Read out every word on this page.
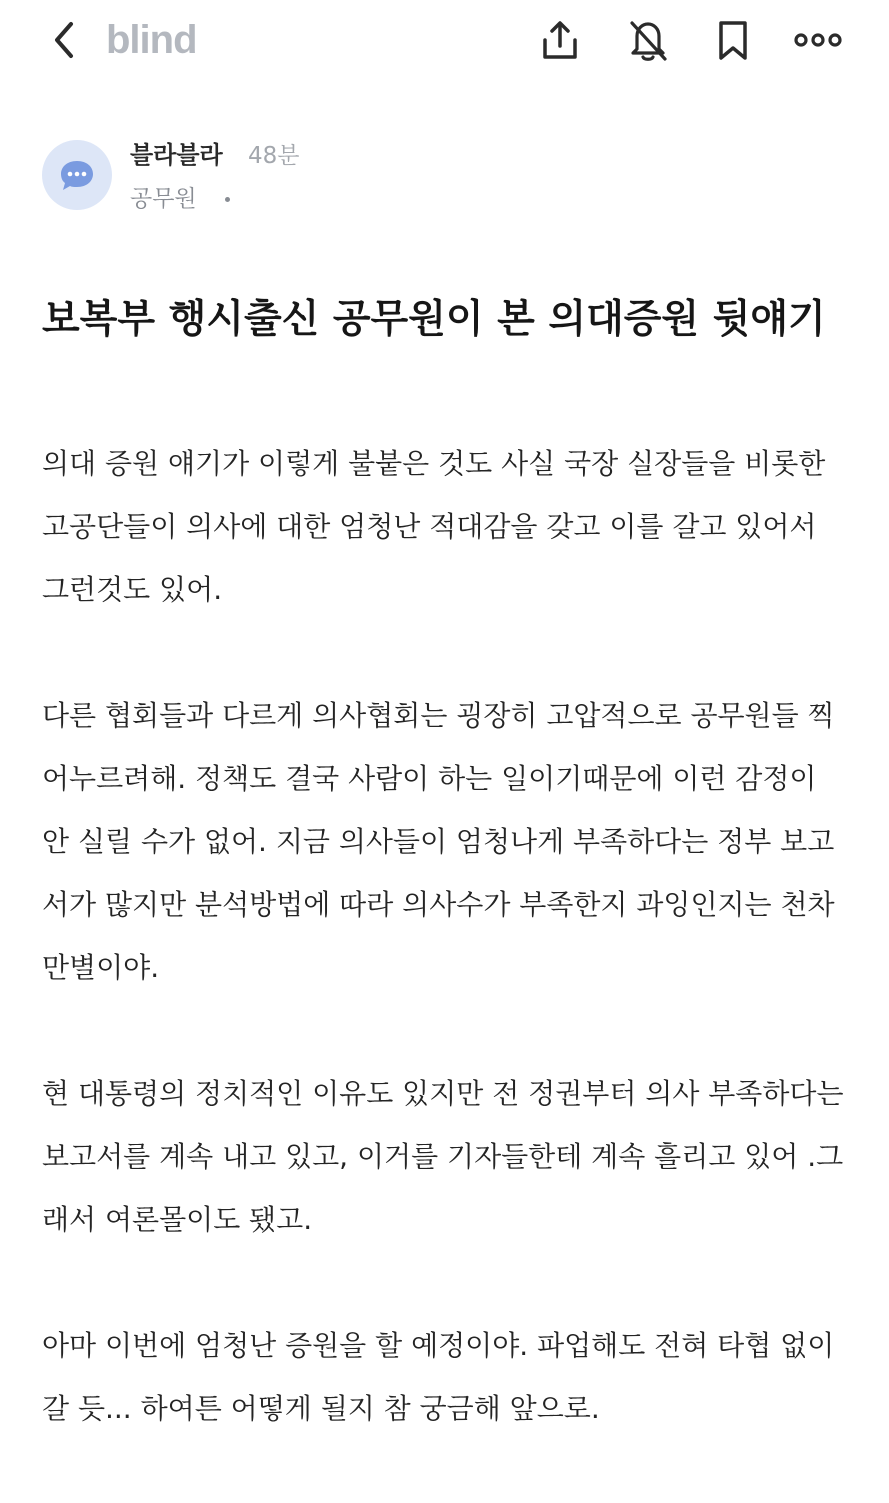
blind
블라블라 48분
공무원
보복부 행시출신 공무원이 본 의대증원 뒷얘기

의대 증원 얘기가 이렇게 불붙은 것도 사실 국장 실장들을 비롯한 고공단들이 의사에 대한 엄청난 적대감을 갖고 이를 갈고 있어서 그런것도 있어.

다른 협회들과 다르게 의사협회는 굉장히 고압적으로 공무원들 찍어누르려해. 정책도 결국 사람이 하는 일이기때문에 이런 감정이 안 실릴 수가 없어. 지금 의사들이 엄청나게 부족하다는 정부 보고서가 많지만 분석방법에 따라 의사수가 부족한지 과잉인지는 천차만별이야.

현 대통령의 정치적인 이유도 있지만 전 정권부터 의사 부족하다는 보고서를 계속 내고 있고, 이거를 기자들한테 계속 흘리고 있어 .그래서 여론몰이도 됐고.

아마 이번에 엄청난 증원을 할 예정이야. 파업해도 전혀 타협 없이 갈 듯... 하여튼 어떻게 될지 참 궁금해 앞으로.
